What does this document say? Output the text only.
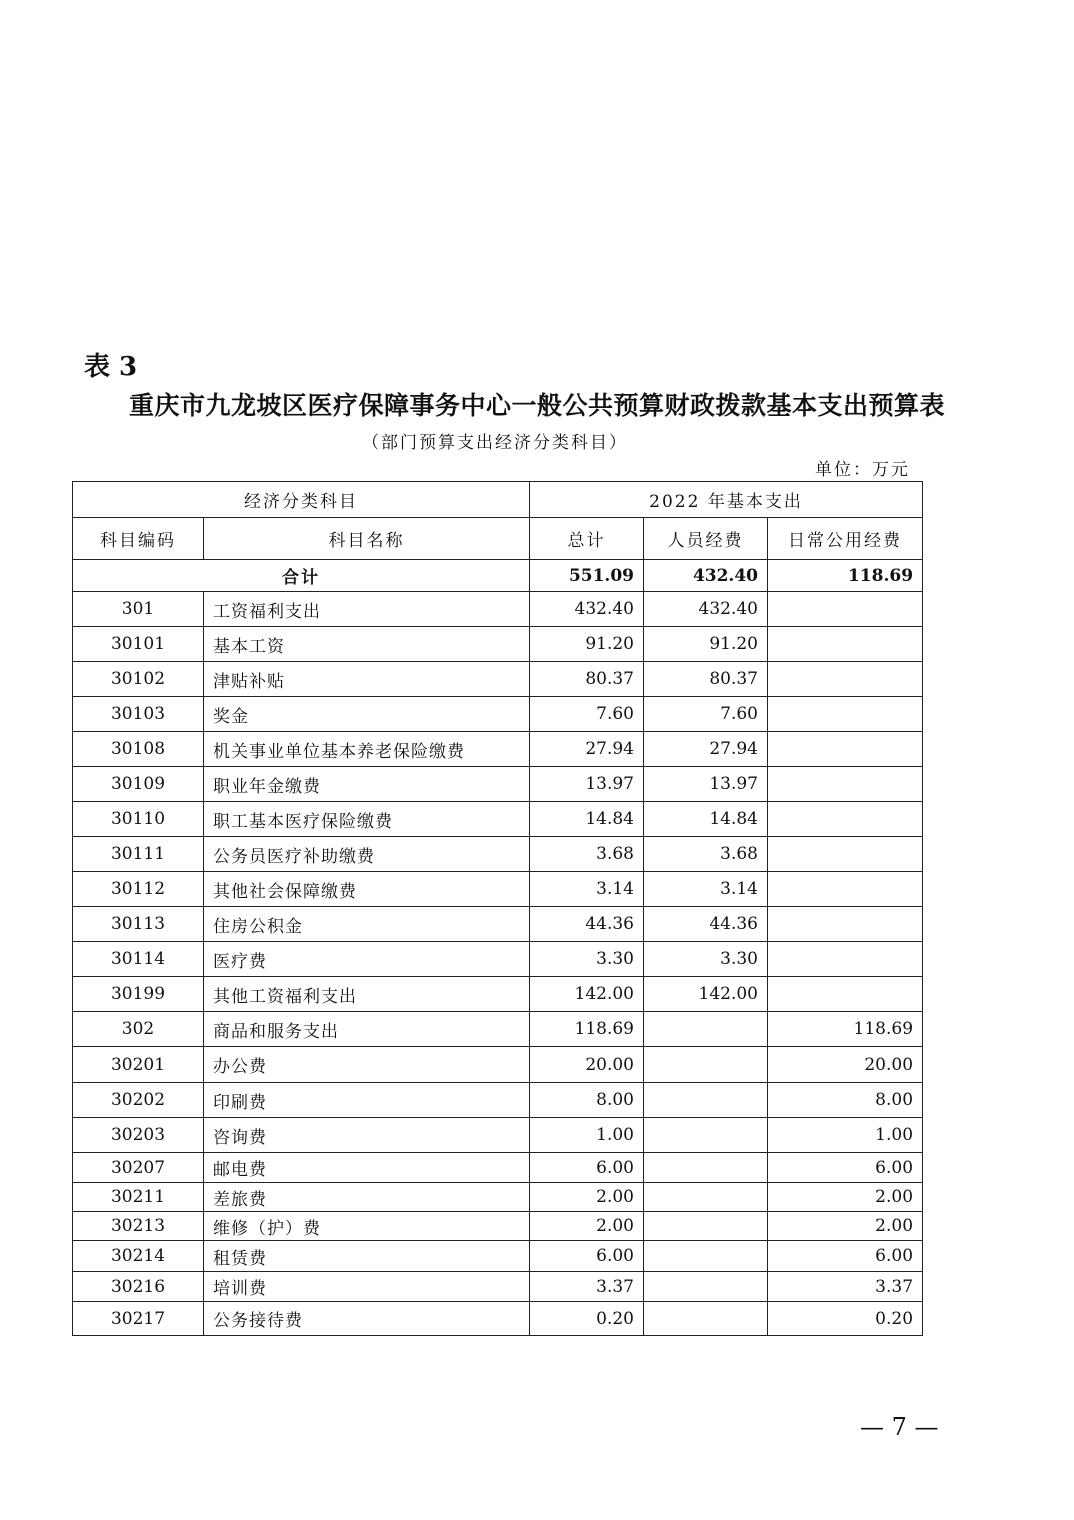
表 3
重庆市九龙坡区医疗保障事务中心一般公共预算财政拨款基本支出预算表
（部门预算支出经济分类科目）
单位：万元
经济分类科目		2022 年基本支出		
科目编码	科目名称	总计	人员经费	日常公用经费
合计		551.09	432.40	118.69
301	工资福利支出	432.40	432.40	
30101	基本工资	91.20	91.20	
30102	津贴补贴	80.37	80.37	
30103	奖金	7.60	7.60	
30108	机关事业单位基本养老保险缴费	27.94	27.94	
30109	职业年金缴费	13.97	13.97	
30110	职工基本医疗保险缴费	14.84	14.84	
30111	公务员医疗补助缴费	3.68	3.68	
30112	其他社会保障缴费	3.14	3.14	
30113	住房公积金	44.36	44.36	
30114	医疗费	3.30	3.30	
30199	其他工资福利支出	142.00	142.00	
302	商品和服务支出	118.69		118.69
30201	办公费	20.00		20.00
30202	印刷费	8.00		8.00
30203	咨询费	1.00		1.00
30207	邮电费	6.00		6.00
30211	差旅费	2.00		2.00
30213	维修（护）费	2.00		2.00
30214	租赁费	6.00		6.00
30216	培训费	3.37		3.37
30217	公务接待费	0.20		0.20
— 7 —
